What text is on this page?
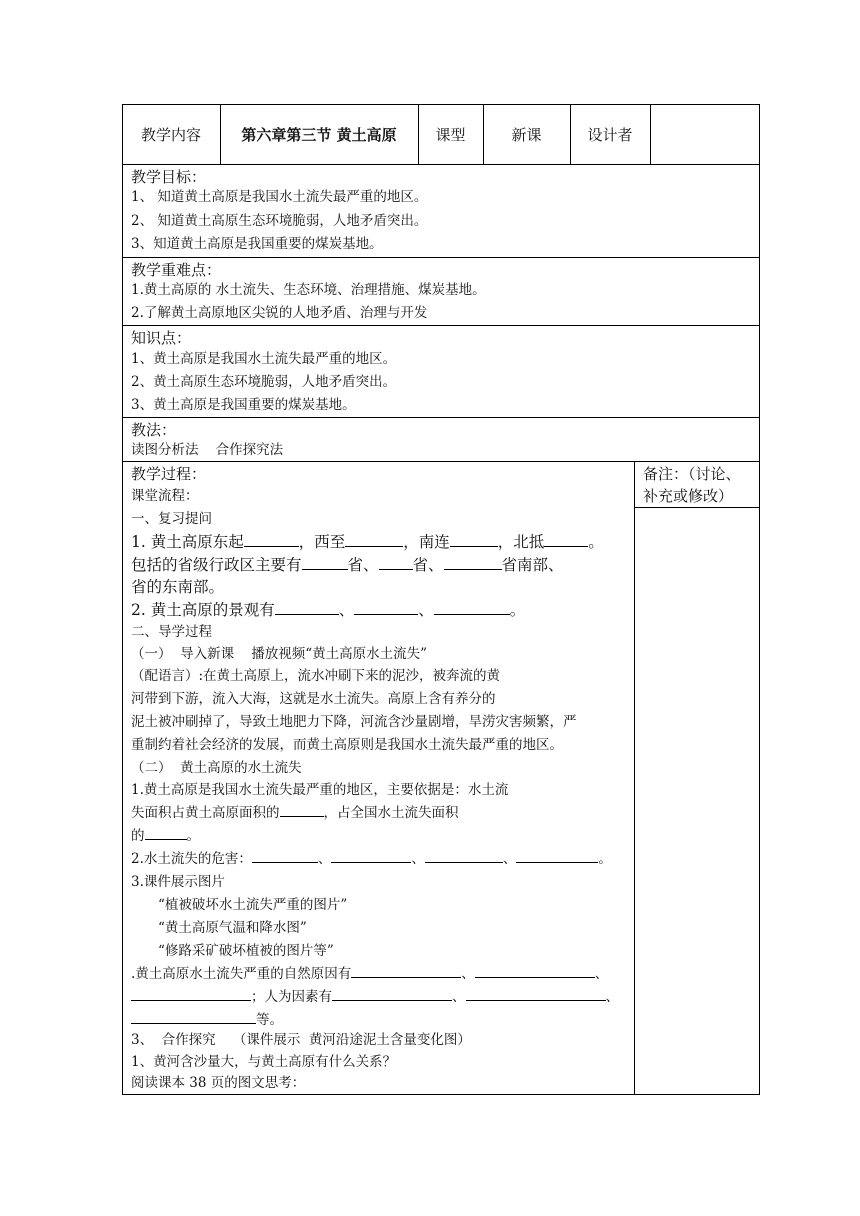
教学内容	第六章第三节 黄土高原	课型	新课	设计者
教学目标：
1、 知道黄土高原是我国水土流失最严重的地区。
2、 知道黄土高原生态环境脆弱，人地矛盾突出。
3、知道黄土高原是我国重要的煤炭基地。
教学重难点：
1.黄土高原的 水土流失、生态环境、治理措施、煤炭基地。
2.了解黄土高原地区尖锐的人地矛盾、治理与开发
知识点：
1、黄土高原是我国水土流失最严重的地区。
2、黄土高原生态环境脆弱，人地矛盾突出。
3、黄土高原是我国重要的煤炭基地。
教法：
读图分析法    合作探究法
备注：（讨论、
补充或修改）
教学过程：
课堂流程：
一、复习提问
1. 黄土高原东起	，西至	，南连	，北抵	。
包括的省级行政区主要有	省、 省、	省南部、
省的东南部。
2. 黄土高原的景观有	、	、	。
二、导学过程
（一）  导入新课    播放视频“黄土高原水土流失”
（配语言）:在黄土高原上，流水冲刷下来的泥沙，被奔流的黄
河带到下游，流入大海，这就是水土流失。高原上含有养分的
泥土被冲刷掉了，导致土地肥力下降，河流含沙量剧增，旱涝灾害频繁，严
重制约着社会经济的发展，而黄土高原则是我国水土流失最严重的地区。
（二）  黄土高原的水土流失
1.黄土高原是我国水土流失最严重的地区，主要依据是：水土流
失面积占黄土高原面积的	，占全国水土流失面积
的	。
2.水土流失的危害：	、	、	、	。
3.课件展示图片
“植被破坏水土流失严重的图片”
“黄土高原气温和降水图”
“修路采矿破坏植被的图片等”
.黄土高原水土流失严重的自然原因有	、	、
；人为因素有	、	、
等。
3、  合作探究    （课件展示  黄河沿途泥土含量变化图）
1、黄河含沙量大，与黄土高原有什么关系？
阅读课本 38 页的图文思考：
